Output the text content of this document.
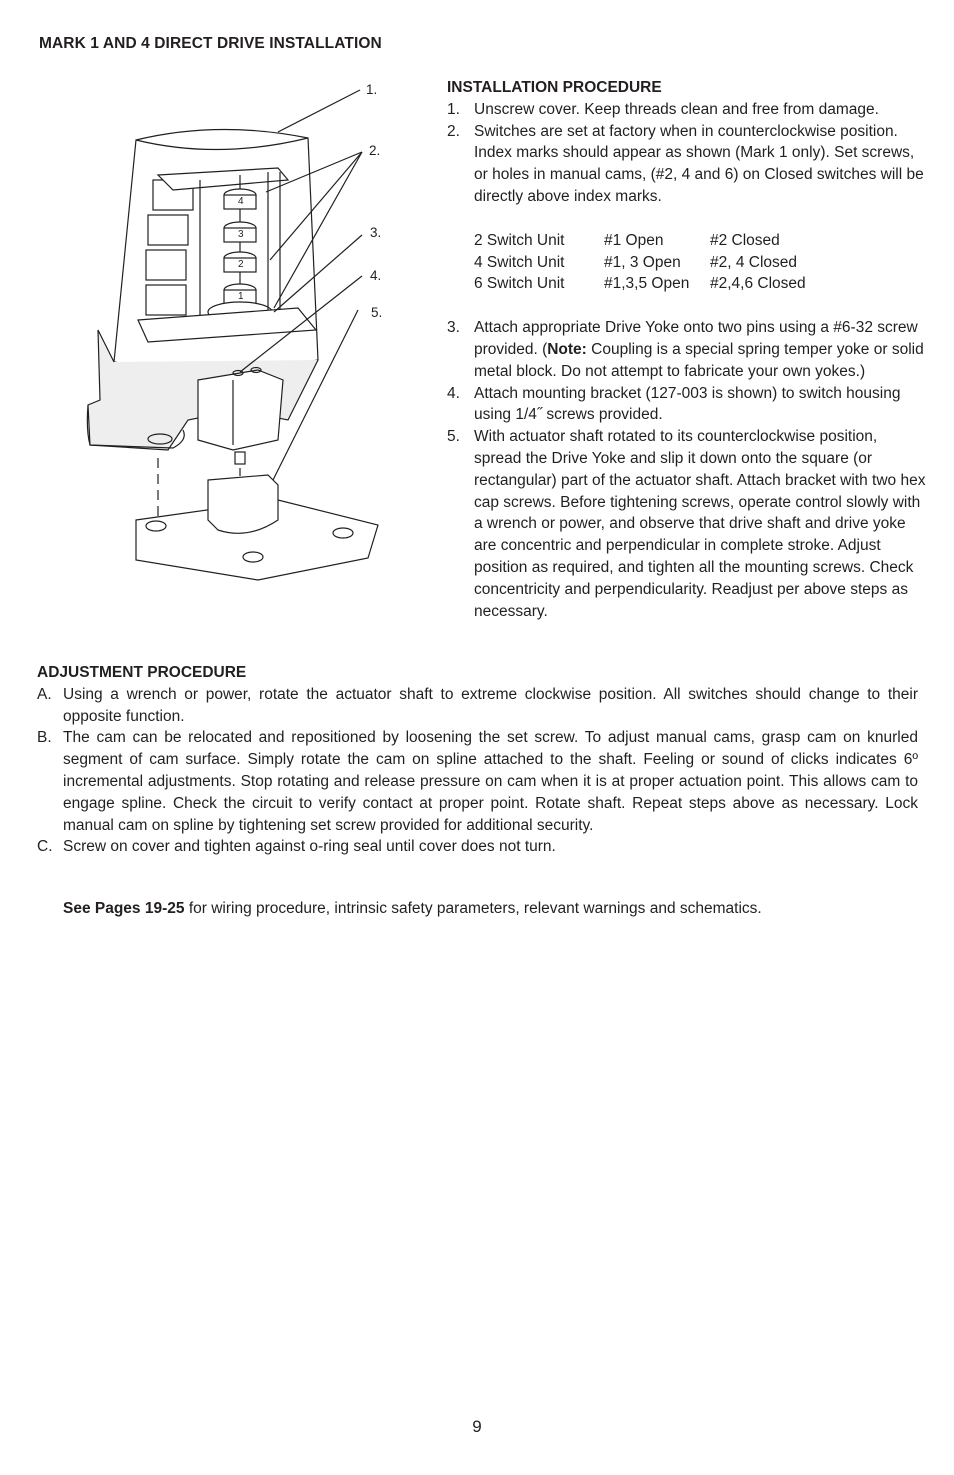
MARK 1 AND 4 DIRECT DRIVE INSTALLATION
4
3
2
1
1.
2.
3.
4.
5.
INSTALLATION PROCEDURE
1. Unscrew cover. Keep threads clean and free from damage.
2. Switches are set at factory when in counterclockwise position. Index marks should appear as shown (Mark 1 only). Set screws, or holes in manual cams, (#2, 4 and 6) on Closed switches will be directly above index marks.
2 Switch Unit	#1 Open	#2 Closed
4 Switch Unit	#1, 3 Open	#2, 4 Closed
6 Switch Unit	#1,3,5 Open	#2,4,6 Closed
3. Attach appropriate Drive Yoke onto two pins using a #6-32 screw provided. (Note: Coupling is a special spring temper yoke or solid metal block. Do not attempt to fabricate your own yokes.)
4. Attach mounting bracket (127-003 is shown) to switch housing using 1/4˝ screws provided.
5. With actuator shaft rotated to its counterclockwise position, spread the Drive Yoke and slip it down onto the square (or rectangular) part of the actuator shaft. Attach bracket with two hex cap screws. Before tightening screws, operate control slowly with a wrench or power, and observe that drive shaft and drive yoke are concentric and perpendicular in complete stroke. Adjust position as required, and tighten all the mounting screws. Check concentricity and perpendicularity. Readjust per above steps as necessary.
ADJUSTMENT PROCEDURE
A. Using a wrench or power, rotate the actuator shaft to extreme clockwise position. All switches should change to their opposite function.
B. The cam can be relocated and repositioned by loosening the set screw. To adjust manual cams, grasp cam on knurled segment of cam surface. Simply rotate the cam on spline attached to the shaft. Feeling or sound of clicks indicates 6º incremental adjustments. Stop rotating and release pressure on cam when it is at proper actuation point. This allows cam to engage spline. Check the circuit to verify contact at proper point. Rotate shaft. Repeat steps above as necessary. Lock manual cam on spline by tightening set screw provided for additional security.
C. Screw on cover and tighten against o-ring seal until cover does not turn.
See Pages 19-25 for wiring procedure, intrinsic safety parameters, relevant warnings and schematics.
9
